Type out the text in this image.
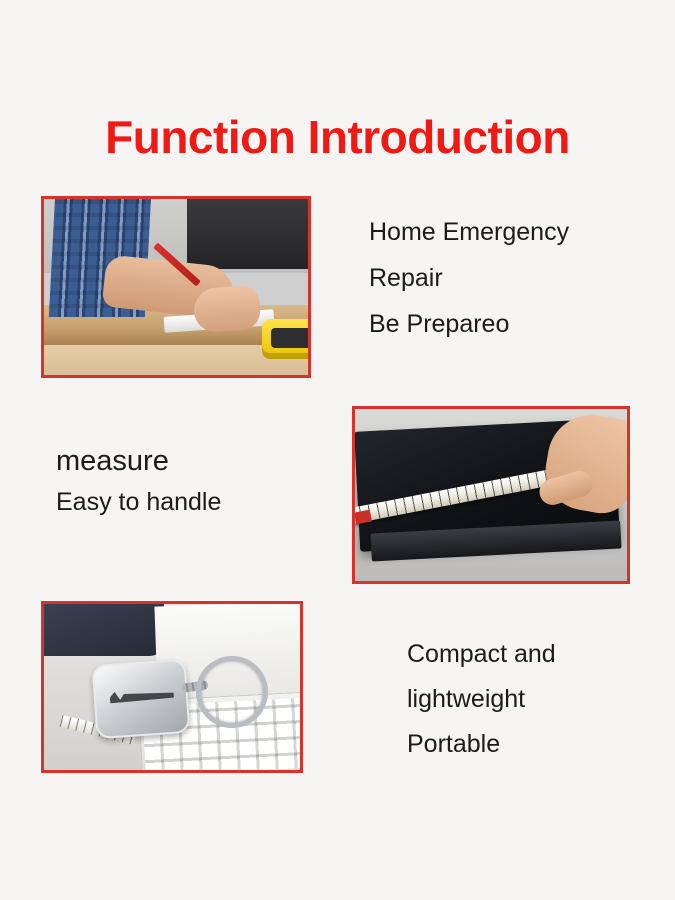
Function Introduction
Home Emergency
Repair
Be Prepareo
measure
Easy to handle
Compact and
lightweight
Portable
